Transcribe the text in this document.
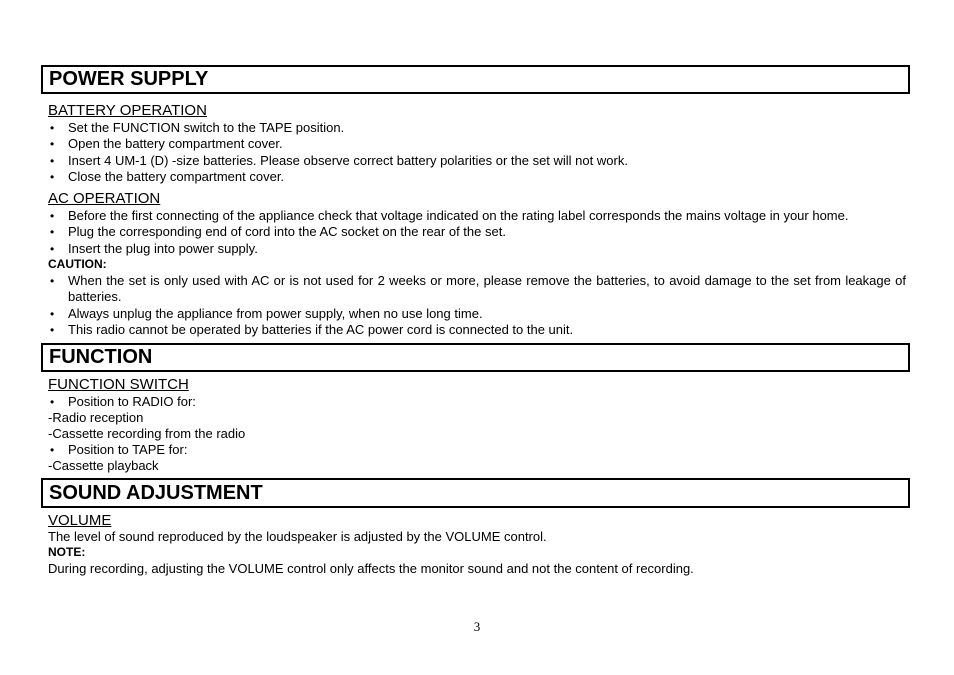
POWER SUPPLY
BATTERY OPERATION
• Set the FUNCTION switch to the TAPE position.
• Open the battery compartment cover.
• Insert 4 UM-1 (D) -size batteries. Please observe correct battery polarities or the set will not work.
• Close the battery compartment cover.
AC OPERATION
• Before the first connecting of the appliance check that voltage indicated on the rating label corresponds the mains voltage in your home.
• Plug the corresponding end of cord into the AC socket on the rear of the set.
• Insert the plug into power supply.
CAUTION:
• When the set is only used with AC or is not used for 2 weeks or more, please remove the batteries, to avoid damage to the set from leakage of batteries.
• Always unplug the appliance from power supply, when no use long time.
• This radio cannot be operated by batteries if the AC power cord is connected to the unit.
FUNCTION
FUNCTION SWITCH
• Position to RADIO for:
-Radio reception
-Cassette recording from the radio
• Position to TAPE for:
-Cassette playback
SOUND ADJUSTMENT
VOLUME
The level of sound reproduced by the loudspeaker is adjusted by the VOLUME control.
NOTE:
During recording, adjusting the VOLUME control only affects the monitor sound and not the content of recording.
3
